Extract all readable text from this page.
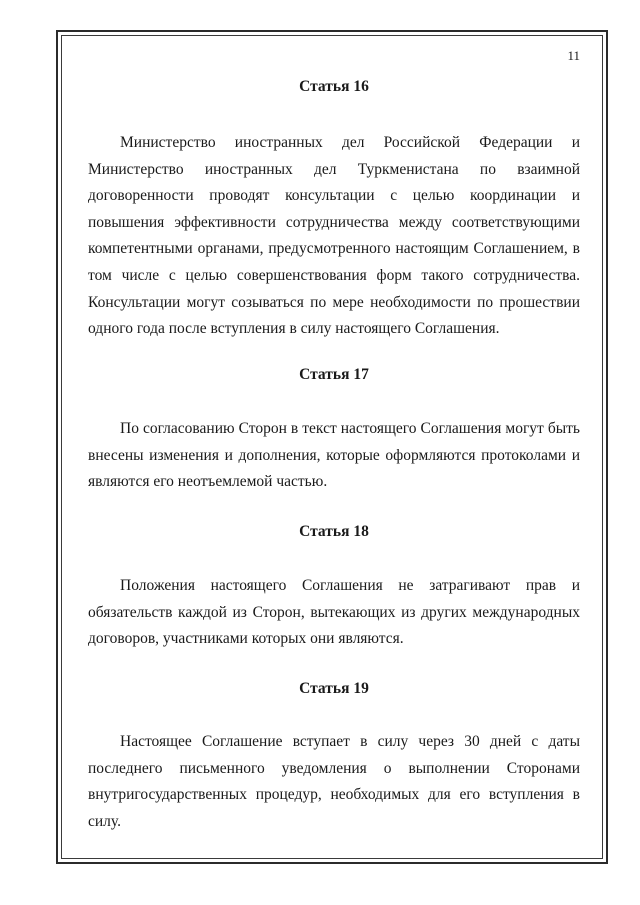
11
Статья 16

Министерство иностранных дел Российской Федерации и Министерство иностранных дел Туркменистана по взаимной договоренности проводят консультации с целью координации и повышения эффективности сотрудничества между соответствующими компетентными органами, предусмотренного настоящим Соглашением, в том числе с целью совершенствования форм такого сотрудничества. Консультации могут созываться по мере необходимости по прошествии одного года после вступления в силу настоящего Соглашения.

Статья 17

По согласованию Сторон в текст настоящего Соглашения могут быть внесены изменения и дополнения, которые оформляются протоколами и являются его неотъемлемой частью.

Статья 18

Положения настоящего Соглашения не затрагивают прав и обязательств каждой из Сторон, вытекающих из других международных договоров, участниками которых они являются.

Статья 19

Настоящее Соглашение вступает в силу через 30 дней с даты последнего письменного уведомления о выполнении Сторонами внутригосударственных процедур, необходимых для его вступления в силу.
